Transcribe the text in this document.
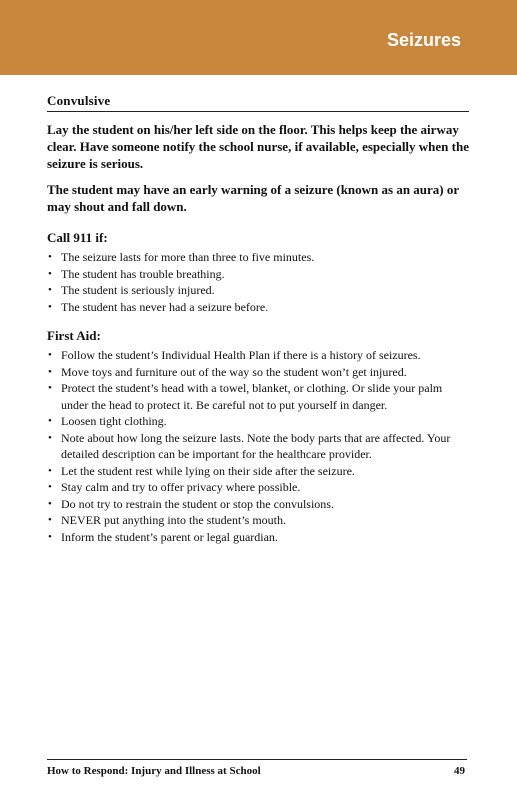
Seizures
Convulsive

Lay the student on his/her left side on the floor. This helps keep the airway clear. Have someone notify the school nurse, if available, especially when the seizure is serious.

The student may have an early warning of a seizure (known as an aura) or may shout and fall down.

Call 911 if:
• The seizure lasts for more than three to five minutes.
• The student has trouble breathing.
• The student is seriously injured.
• The student has never had a seizure before.
First Aid:
• Follow the student’s Individual Health Plan if there is a history of seizures.
• Move toys and furniture out of the way so the student won’t get injured.
• Protect the student’s head with a towel, blanket, or clothing. Or slide your palm under the head to protect it. Be careful not to put yourself in danger.
• Loosen tight clothing.
• Note about how long the seizure lasts. Note the body parts that are affected. Your detailed description can be important for the healthcare provider.
• Let the student rest while lying on their side after the seizure.
• Stay calm and try to offer privacy where possible.
• Do not try to restrain the student or stop the convulsions.
• NEVER put anything into the student’s mouth.
• Inform the student’s parent or legal guardian.
How to Respond: Injury and Illness at School	49
